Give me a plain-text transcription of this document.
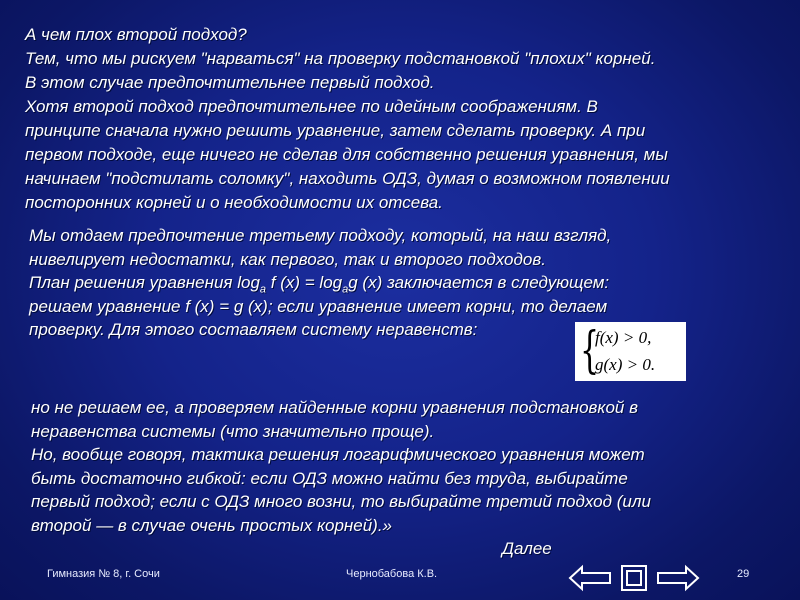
А чем плох второй подход?
Тем, что мы рискуем "нарваться" на проверку подстановкой "плохих" корней.
В этом случае предпочтительнее первый подход.
Хотя второй подход предпочтительнее по идейным соображениям. В
принципе сначала нужно решить уравнение, затем сделать проверку. А при
первом подходе, еще ничего не сделав для собственно решения уравнения, мы
начинаем "подстилать соломку", находить ОДЗ, думая о возможном появлении
посторонних корней и о необходимости их отсева.
Мы отдаем предпочтение третьему подходу, который, на наш взгляд,
нивелирует недостатки, как первого, так и второго подходов.
План решения уравнения $\log_a f$ $(x) = \log_ag$ (x) заключается в следующем:
решаем уравнение f (x) = g (x); если уравнение имеет корни, то делаем
проверку. Для этого составляем систему неравенств:	{
f(x) > 0,
g(x) > 0.
но не решаем ее, а проверяем найденные корни уравнения подстановкой в
неравенства системы (что значительно проще).
Но, вообще говоря, тактика решения логарифмического уравнения может
быть достаточно гибкой: если ОДЗ можно найти без труда, выбирайте
первый подход; если с ОДЗ много возни, то выбирайте третий подход (или
второй — в случае очень простых корней).»
Далее
Гимназия № 8, г. Сочи	Чернобабова К.В.	29
